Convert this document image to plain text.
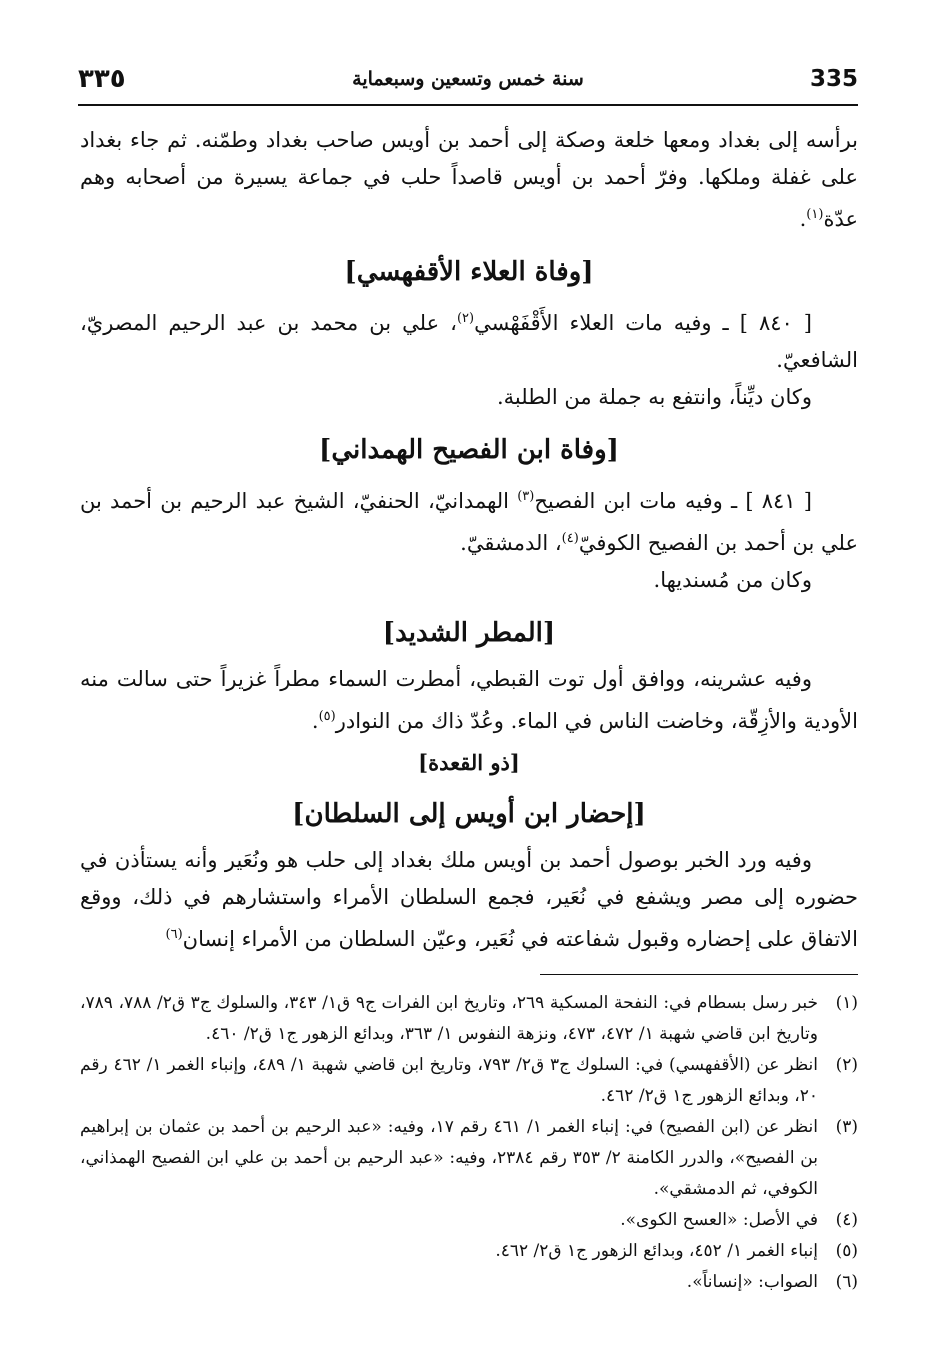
335
سنة خمس وتسعين وسبعماية
٣٣٥

برأسه إلى بغداد ومعها خلعة وصكة إلى أحمد بن أويس صاحب بغداد وطمّنه. ثم جاء بغداد على غفلة وملكها. وفرّ أحمد بن أويس قاصداً حلب في جماعة يسيرة من أصحابه وهم عدّة$^{(١)}$.

[وفاة العلاء الأقفهسي]

[ ٨٤٠ ] ـ وفيه مات العلاء الأَقْفَهْسي$^{(٢)}$، علي بن محمد بن عبد الرحيم المصريّ، الشافعيّ.

وكان ديِّناً، وانتفع به جملة من الطلبة.

[وفاة ابن الفصيح الهمداني]

[ ٨٤١ ] ـ وفيه مات ابن الفصيح$^{(٣)}$ الهمدانيّ، الحنفيّ، الشيخ عبد الرحيم بن أحمد بن علي بن أحمد بن الفصيح الكوفيّ$^{(٤)}$، الدمشقيّ.

وكان من مُسنديها.

[المطر الشديد]

وفيه عشرينه، ووافق أول توت القبطي، أمطرت السماء مطراً غزيراً حتى سالت منه الأودية والأزِقّة، وخاضت الناس في الماء. وعُدّ ذاك من النوادر$^{(٥)}$.

[ذو القعدة]
[إحضار ابن أويس إلى السلطان]

وفيه ورد الخبر بوصول أحمد بن أويس ملك بغداد إلى حلب هو ونُعَير وأنه يستأذن في حضوره إلى مصر ويشفع في نُعَير، فجمع السلطان الأمراء واستشارهم في ذلك، ووقع الاتفاق على إحضاره وقبول شفاعته في نُعَير، وعيّن السلطان من الأمراء إنسان$^{(٦)}$

(١)
خبر رسل بسطام في: النفحة المسكية ٢٦٩، وتاريخ ابن الفرات ج٩ ق١/ ٣٤٣، والسلوك ج٣ ق٢/ ٧٨٨، ٧٨٩، وتاريخ ابن قاضي شهبة ١/ ٤٧٢، ٤٧٣، ونزهة النفوس ١/ ٣٦٣، وبدائع الزهور ج١ ق٢/ ٤٦٠.
(٢)
انظر عن (الأقفهسي) في: السلوك ج٣ ق٢/ ٧٩٣، وتاريخ ابن قاضي شهبة ١/ ٤٨٩، وإنباء الغمر ١/ ٤٦٢ رقم ٢٠، وبدائع الزهور ج١ ق٢/ ٤٦٢.
(٣)
انظر عن (ابن الفصيح) في: إنباء الغمر ١/ ٤٦١ رقم ١٧، وفيه: «عبد الرحيم بن أحمد بن عثمان بن إبراهيم بن الفصيح»، والدرر الكامنة ٢/ ٣٥٣ رقم ٢٣٨٤، وفيه: «عبد الرحيم بن أحمد بن علي ابن الفصيح الهمذاني، الكوفي، ثم الدمشقي».
(٤)
في الأصل: «العسح الكوى».
(٥)
إنباء الغمر ١/ ٤٥٢، وبدائع الزهور ج١ ق٢/ ٤٦٢.
(٦)
الصواب: «إنساناً».
